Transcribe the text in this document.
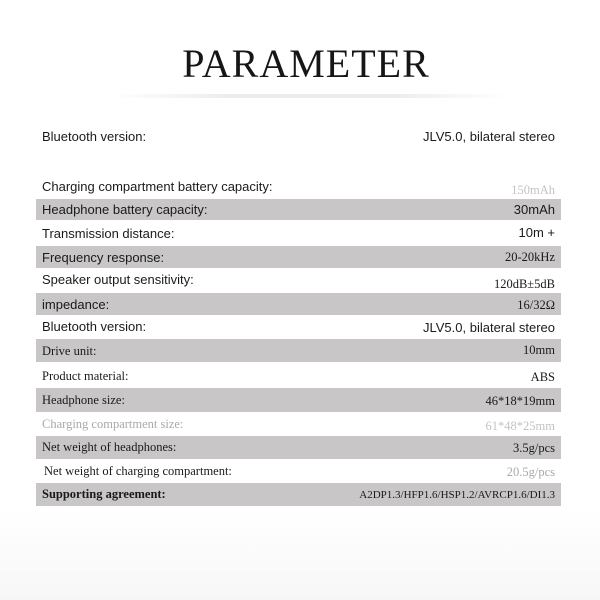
PARAMETER
Bluetooth version:	JLV5.0, bilateral stereo
Charging compartment battery capacity:	150mAh
Headphone battery capacity:	30mAh
Transmission distance:	10m +
Frequency response:	20-20kHz
Speaker output sensitivity:	120dB±5dB
impedance:	16/32Ω
Bluetooth version:	JLV5.0, bilateral stereo
Drive unit:	10mm
Product material:	ABS
Headphone size:	46*18*19mm
Charging compartment size:	61*48*25mm
Net weight of headphones:	3.5g/pcs
Net weight of charging compartment:	20.5g/pcs
Supporting agreement:	A2DP1.3/HFP1.6/HSP1.2/AVRCP1.6/DI1.3
